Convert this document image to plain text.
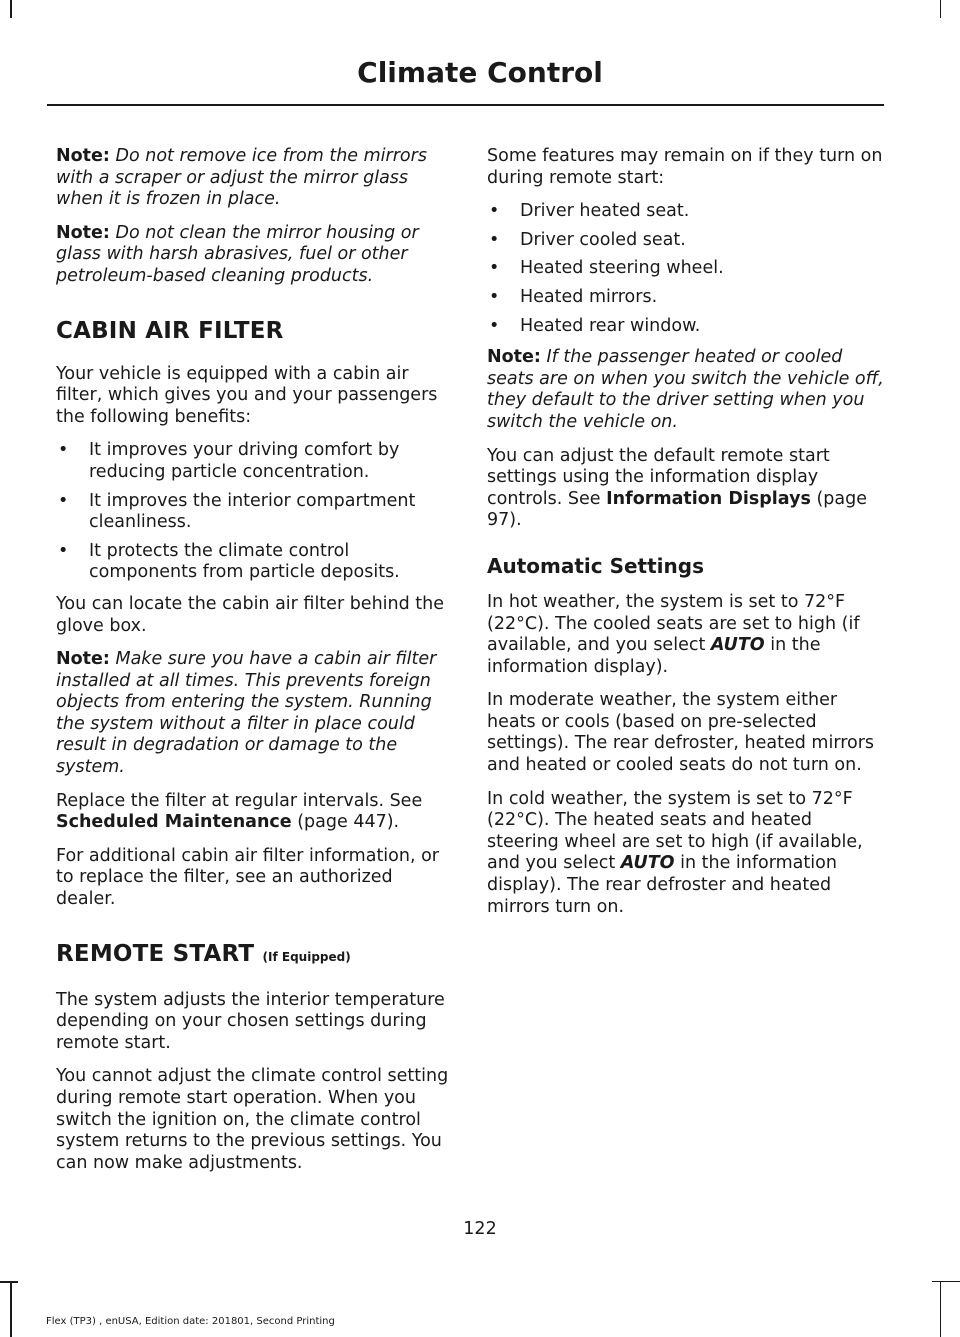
Climate Control

Note: Do not remove ice from the mirrors with a scraper or adjust the mirror glass when it is frozen in place.

Note: Do not clean the mirror housing or glass with harsh abrasives, fuel or other petroleum-based cleaning products.

CABIN AIR FILTER

Your vehicle is equipped with a cabin air filter, which gives you and your passengers the following benefits:

• It improves your driving comfort by reducing particle concentration.
• It improves the interior compartment cleanliness.
• It protects the climate control components from particle deposits.

You can locate the cabin air filter behind the glove box.

Note: Make sure you have a cabin air filter installed at all times. This prevents foreign objects from entering the system. Running the system without a filter in place could result in degradation or damage to the system.

Replace the filter at regular intervals. See Scheduled Maintenance (page 447).

For additional cabin air filter information, or to replace the filter, see an authorized dealer.

REMOTE START (If Equipped)

The system adjusts the interior temperature depending on your chosen settings during remote start.

You cannot adjust the climate control setting during remote start operation. When you switch the ignition on, the climate control system returns to the previous settings. You can now make adjustments.

Some features may remain on if they turn on during remote start:

• Driver heated seat.
• Driver cooled seat.
• Heated steering wheel.
• Heated mirrors.
• Heated rear window.

Note: If the passenger heated or cooled seats are on when you switch the vehicle off, they default to the driver setting when you switch the vehicle on.

You can adjust the default remote start settings using the information display controls. See Information Displays (page 97).

Automatic Settings

In hot weather, the system is set to 72°F (22°C). The cooled seats are set to high (if available, and you select AUTO in the information display).

In moderate weather, the system either heats or cools (based on pre-selected settings). The rear defroster, heated mirrors and heated or cooled seats do not turn on.

In cold weather, the system is set to 72°F (22°C). The heated seats and heated steering wheel are set to high (if available, and you select AUTO in the information display). The rear defroster and heated mirrors turn on.

122
Flex (TP3) , enUSA, Edition date: 201801, Second Printing
